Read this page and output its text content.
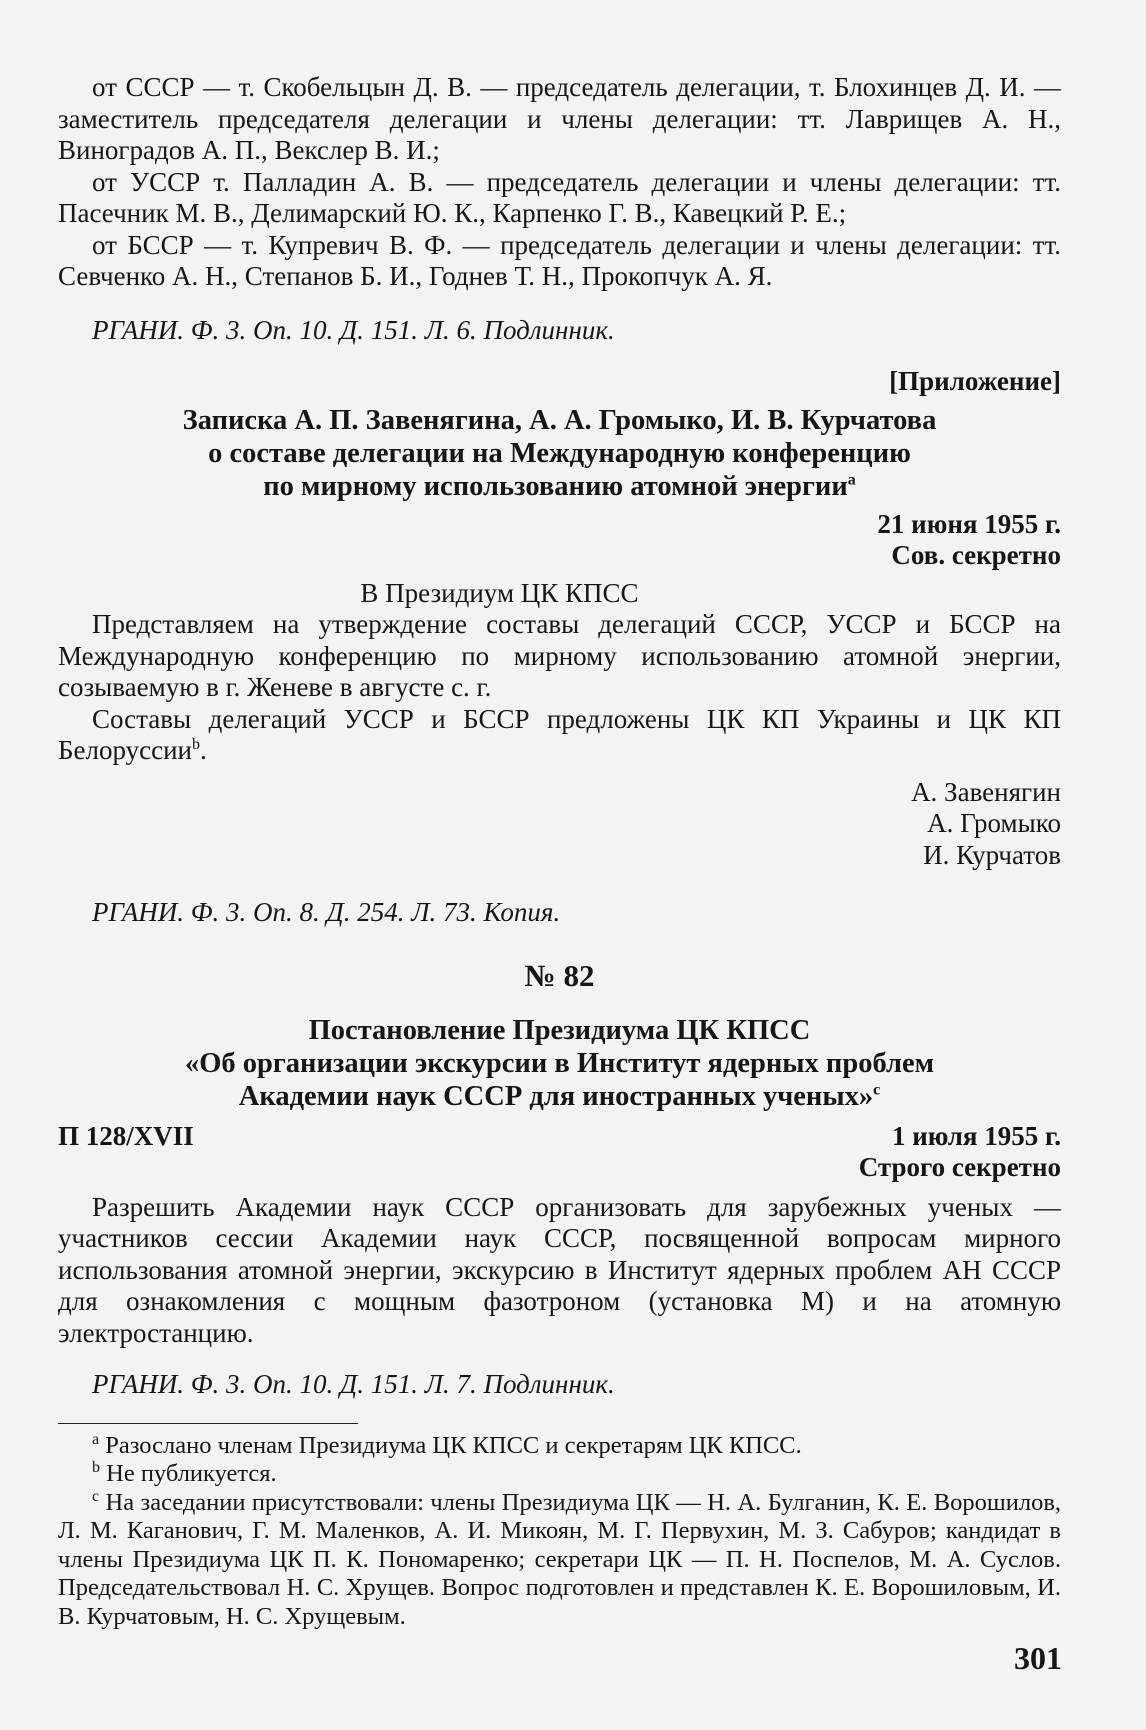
от СССР — т. Скобельцын Д. В. — председатель делегации, т. Блохинцев Д. И. — заместитель председателя делегации и члены делегации: тт. Лаврищев А. Н., Виноградов А. П., Векслер В. И.;

от УССР т. Палладин А. В. — председатель делегации и члены делегации: тт. Пасечник М. В., Делимарский Ю. К., Карпенко Г. В., Кавецкий Р. Е.;

от БССР — т. Купревич В. Ф. — председатель делегации и члены делегации: тт. Севченко А. Н., Степанов Б. И., Годнев Т. Н., Прокопчук А. Я.

РГАНИ. Ф. 3. Оп. 10. Д. 151. Л. 6. Подлинник.

[Приложение]

Записка А. П. Завенягина, А. А. Громыко, И. В. Курчатова

о составе делегации на Международную конференцию

по мирному использованию атомной энергии$^a$

21 июня 1955 г.

Сов. секретно

В Президиум ЦК КПСС

Представляем на утверждение составы делегаций СССР, УССР и БССР на Международную конференцию по мирному использованию атомной энергии, созываемую в г. Женеве в августе с. г.

Составы делегаций УССР и БССР предложены ЦК КП Украины и ЦК КП Белоруссии$^b$.

А. Завенягин
А. Громыко
И. Курчатов

РГАНИ. Ф. 3. Оп. 8. Д. 254. Л. 73. Копия.

№ 82

Постановление Президиума ЦК КПСС

«Об организации экскурсии в Институт ядерных проблем

Академии наук СССР для иностранных ученых»$^c$

П 128/XVII	1 июля 1955 г.

Строго секретно

Разрешить Академии наук СССР организовать для зарубежных ученых — участников сессии Академии наук СССР, посвященной вопросам мирного использования атомной энергии, экскурсию в Институт ядерных проблем АН СССР для ознакомления с мощным фазотроном (установка М) и на атомную электростанцию.

РГАНИ. Ф. 3. Оп. 10. Д. 151. Л. 7. Подлинник.

$^a$ Разослано членам Президиума ЦК КПСС и секретарям ЦК КПСС.

$^b$ Не публикуется.

$^c$ На заседании присутствовали: члены Президиума ЦК — Н. А. Булганин, К. Е. Ворошилов, Л. М. Каганович, Г. М. Маленков, А. И. Микоян, М. Г. Первухин, М. З. Сабуров; кандидат в члены Президиума ЦК П. К. Пономаренко; секретари ЦК — П. Н. Поспелов, М. А. Суслов. Председательствовал Н. С. Хрущев. Вопрос подготовлен и представлен К. Е. Ворошиловым, И. В. Курчатовым, Н. С. Хрущевым.

301
